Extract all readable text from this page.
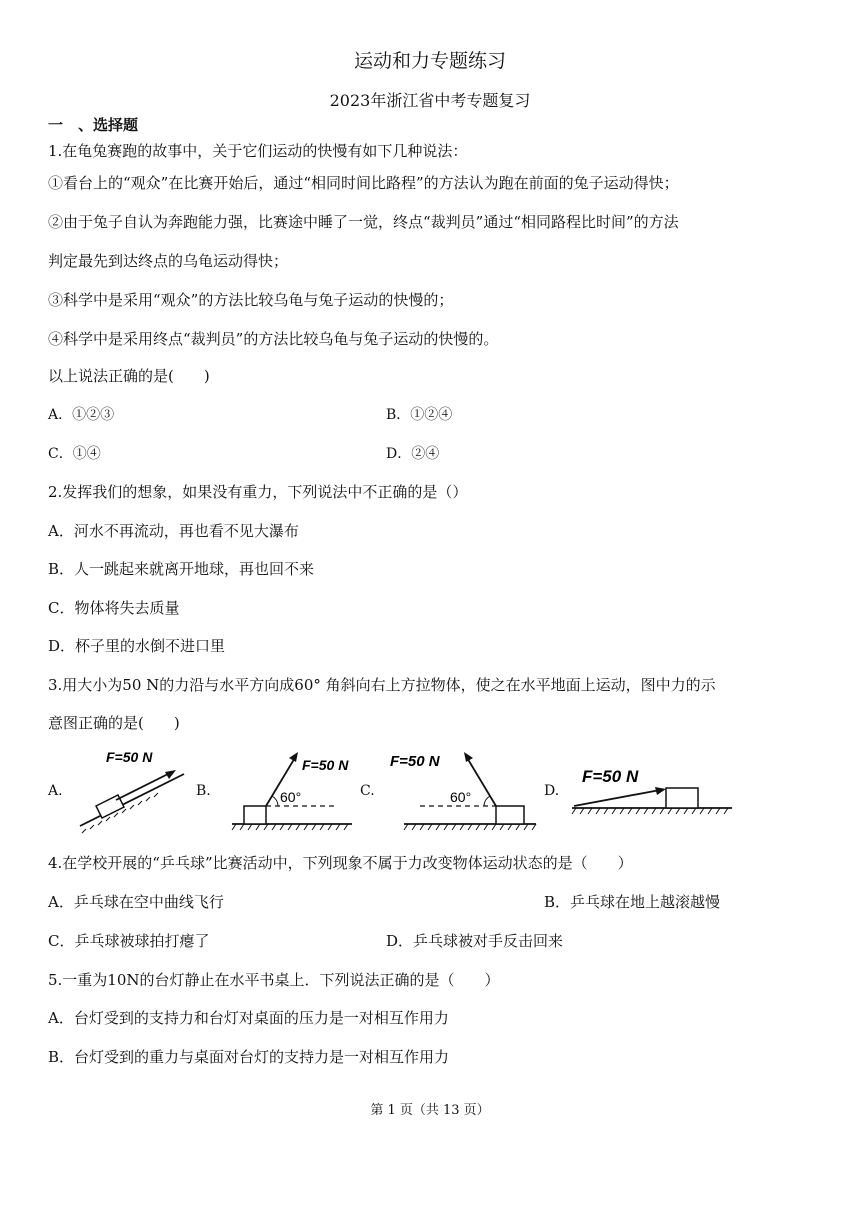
运动和力专题练习
2023年浙江省中考专题复习
一　、选择题
1.在龟兔赛跑的故事中，关于它们运动的快慢有如下几种说法：
①看台上的“观众”在比赛开始后，通过“相同时间比路程”的方法认为跑在前面的兔子运动得快；
②由于兔子自认为奔跑能力强，比赛途中睡了一觉，终点“裁判员”通过“相同路程比时间”的方法
判定最先到达终点的乌龟运动得快；
③科学中是采用“观众”的方法比较乌龟与兔子运动的快慢的；
④科学中是采用终点“裁判员”的方法比较乌龟与兔子运动的快慢的。
以上说法正确的是(　　)
A．①②③	B．①②④
C．①④	D．②④
2.发挥我们的想象，如果没有重力，下列说法中不正确的是（）
A．河水不再流动，再也看不见大瀑布
B．人一跳起来就离开地球，再也回不来
C．物体将失去质量
D．杯子里的水倒不进口里
3.用大小为50 N的力沿与水平方向成60° 角斜向右上方拉物体，使之在水平地面上运动，图中力的示
意图正确的是(　　)
A.	B.	C.	D.
F=50 N
60°
F=50 N
60°
F=50 N
F=50 N
4.在学校开展的“乒乓球”比赛活动中，下列现象不属于力改变物体运动状态的是（　　）
A．乒乓球在空中曲线飞行	B．乒乓球在地上越滚越慢
C．乒乓球被球拍打瘪了	D．乒乓球被对手反击回来
5.一重为10N的台灯静止在水平书桌上．下列说法正确的是（　　）
A．台灯受到的支持力和台灯对桌面的压力是一对相互作用力
B．台灯受到的重力与桌面对台灯的支持力是一对相互作用力
第 1 页（共 13 页）
